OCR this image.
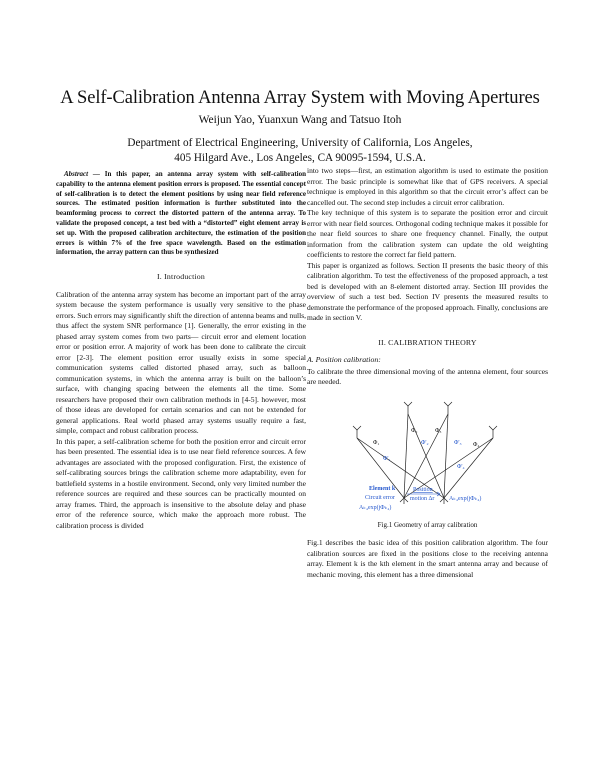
A Self-Calibration Antenna Array System with Moving Apertures
Weijun Yao, Yuanxun Wang and Tatsuo Itoh
Department of Electrical Engineering, University of California, Los Angeles,
405 Hilgard Ave., Los Angeles, CA 90095-1594, U.S.A.

Abstract — In this paper, an antenna array system with self-calibration capability to the antenna element position errors is proposed. The essential concept of self-calibration is to detect the element positions by using near field reference sources. The estimated position information is further substituted into the beamforming process to correct the distorted pattern of the antenna array. To validate the proposed concept, a test bed with a “distorted” eight element array is set up. With the proposed calibration architecture, the estimation of the position errors is within 7% of the free space wavelength. Based on the estimation information, the array pattern can thus be synthesized

I. Introduction

Calibration of the antenna array system has become an important part of the array system because the system performance is usually very sensitive to the phase errors. Such errors may significantly shift the direction of antenna beams and nulls, thus affect the system SNR performance [1]. Generally, the error existing in the phased array system comes from two parts— circuit error and element location error or position error. A majority of work has been done to calibrate the circuit error [2-3]. The element position error usually exists in some special communication systems called distorted phased array, such as balloon communication systems, in which the antenna array is built on the balloon’s surface, with changing spacing between the elements all the time. Some researchers have proposed their own calibration methods in [4-5]. however, most of those ideas are developed for certain scenarios and can not be extended for general applications. Real world phased array systems usually require a fast, simple, compact and robust calibration process.

In this paper, a self-calibration scheme for both the position error and circuit error has been presented. The essential idea is to use near field reference sources. A few advantages are associated with the proposed configuration. First, the existence of self-calibrating sources brings the calibration scheme more adaptability, even for battlefield systems in a hostile environment. Second, only very limited number the reference sources are required and these sources can be practically mounted on array frames. Third, the approach is insensitive to the absolute delay and phase error of the reference source, which make the approach more robust. The calibration process is divided

into two steps—first, an estimation algorithm is used to estimate the position error. The basic principle is somewhat like that of GPS receivers. A special technique is employed in this algorithm so that the circuit error’s affect can be cancelled out. The second step includes a circuit error calibration.

The key technique of this system is to separate the position error and circuit error with near field sources. Orthogonal coding technique makes it possible for the near field sources to share one frequency channel. Finally, the output information from the calibration system can update the old weighting coefficients to restore the correct far field pattern.

This paper is organized as follows. Section II presents the basic theory of this calibration algorithm. To test the effectiveness of the proposed approach, a test bed is developed with an 8-element distorted array. Section III provides the overview of such a test bed. Section IV presents the measured results to demonstrate the performance of the proposed approach. Finally, conclusions are made in section V.

II. CALIBRATION THEORY
A. Position calibration:

To calibrate the three dimensional moving of the antenna element, four sources are needed.

Φ₁
Φ₂	Φ₃
Φ₄
Φ'₁
Φ'₂	Φ'₃
Φ'₄
Element k
Circuit error
Aₖ₄exp(jΦₖ₄)
Position
motion Δr Aₖ₄exp(jΦₖ₄)
Fig.1 Geometry of array calibration

Fig.1 describes the basic idea of this position calibration algorithm. The four calibration sources are fixed in the positions close to the receiving antenna array. Element k is the kth element in the smart antenna array and because of mechanic moving, this element has a three dimensional
